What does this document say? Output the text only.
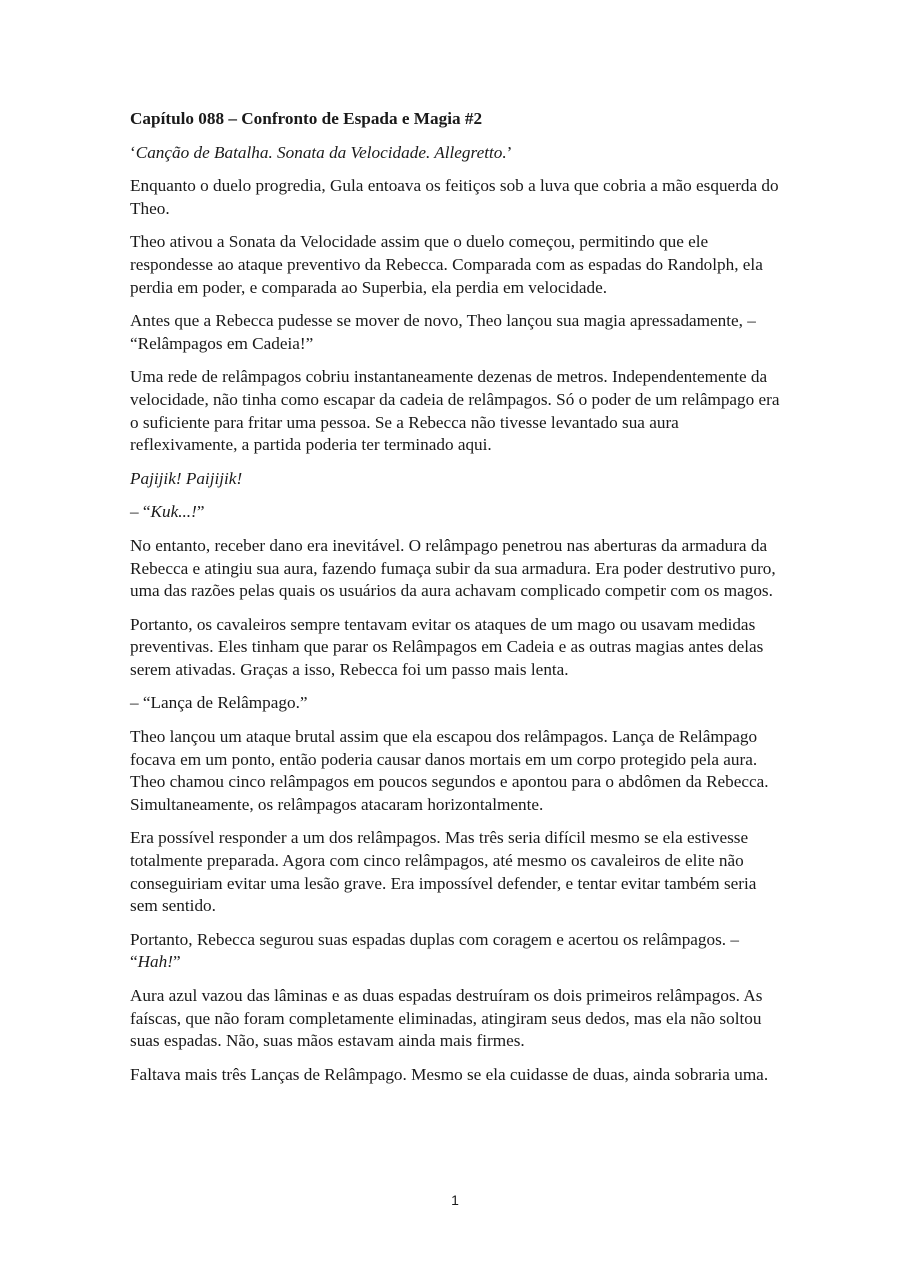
Capítulo 088 – Confronto de Espada e Magia #2

‘Canção de Batalha. Sonata da Velocidade. Allegretto.’

Enquanto o duelo progredia, Gula entoava os feitiços sob a luva que cobria a mão esquerda do Theo.

Theo ativou a Sonata da Velocidade assim que o duelo começou, permitindo que ele respondesse ao ataque preventivo da Rebecca. Comparada com as espadas do Randolph, ela perdia em poder, e comparada ao Superbia, ela perdia em velocidade.

Antes que a Rebecca pudesse se mover de novo, Theo lançou sua magia apressadamente, – “Relâmpagos em Cadeia!”

Uma rede de relâmpagos cobriu instantaneamente dezenas de metros. Independentemente da velocidade, não tinha como escapar da cadeia de relâmpagos. Só o poder de um relâmpago era o suficiente para fritar uma pessoa. Se a Rebecca não tivesse levantado sua aura reflexivamente, a partida poderia ter terminado aqui.

Pajijik! Paijijik!

– “Kuk...!”

No entanto, receber dano era inevitável. O relâmpago penetrou nas aberturas da armadura da Rebecca e atingiu sua aura, fazendo fumaça subir da sua armadura. Era poder destrutivo puro, uma das razões pelas quais os usuários da aura achavam complicado competir com os magos.

Portanto, os cavaleiros sempre tentavam evitar os ataques de um mago ou usavam medidas preventivas. Eles tinham que parar os Relâmpagos em Cadeia e as outras magias antes delas serem ativadas. Graças a isso, Rebecca foi um passo mais lenta.

– “Lança de Relâmpago.”

Theo lançou um ataque brutal assim que ela escapou dos relâmpagos. Lança de Relâmpago focava em um ponto, então poderia causar danos mortais em um corpo protegido pela aura. Theo chamou cinco relâmpagos em poucos segundos e apontou para o abdômen da Rebecca. Simultaneamente, os relâmpagos atacaram horizontalmente.

Era possível responder a um dos relâmpagos. Mas três seria difícil mesmo se ela estivesse totalmente preparada. Agora com cinco relâmpagos, até mesmo os cavaleiros de elite não conseguiriam evitar uma lesão grave. Era impossível defender, e tentar evitar também seria sem sentido.

Portanto, Rebecca segurou suas espadas duplas com coragem e acertou os relâmpagos. – “Hah!”

Aura azul vazou das lâminas e as duas espadas destruíram os dois primeiros relâmpagos. As faíscas, que não foram completamente eliminadas, atingiram seus dedos, mas ela não soltou suas espadas. Não, suas mãos estavam ainda mais firmes.

Faltava mais três Lanças de Relâmpago. Mesmo se ela cuidasse de duas, ainda sobraria uma.

1
